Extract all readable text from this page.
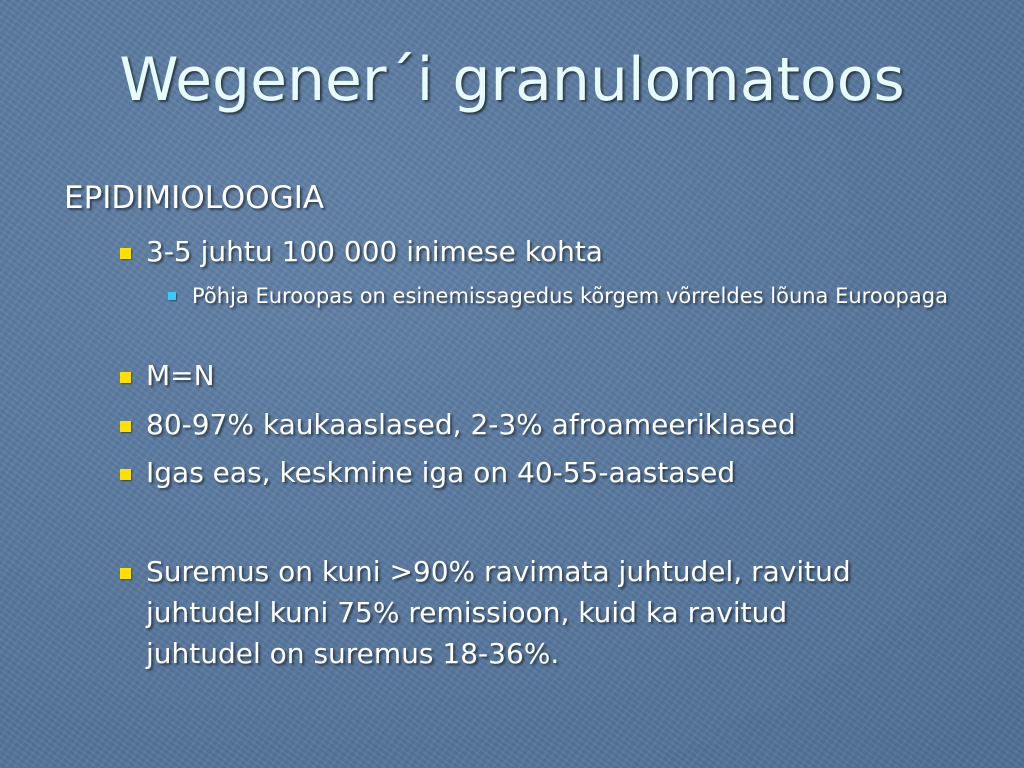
Wegener´i granulomatoos
EPIDIMIOLOOGIA
3-5 juhtu 100 000 inimese kohta
Põhja Euroopas on esinemissagedus kõrgem võrreldes lõuna Euroopaga
M=N
80-97% kaukaaslased, 2-3% afroameeriklased
Igas eas, keskmine iga on 40-55-aastased
Suremus on kuni >90% ravimata juhtudel, ravitud juhtudel kuni 75% remissioon, kuid ka ravitud juhtudel on suremus 18-36%.
